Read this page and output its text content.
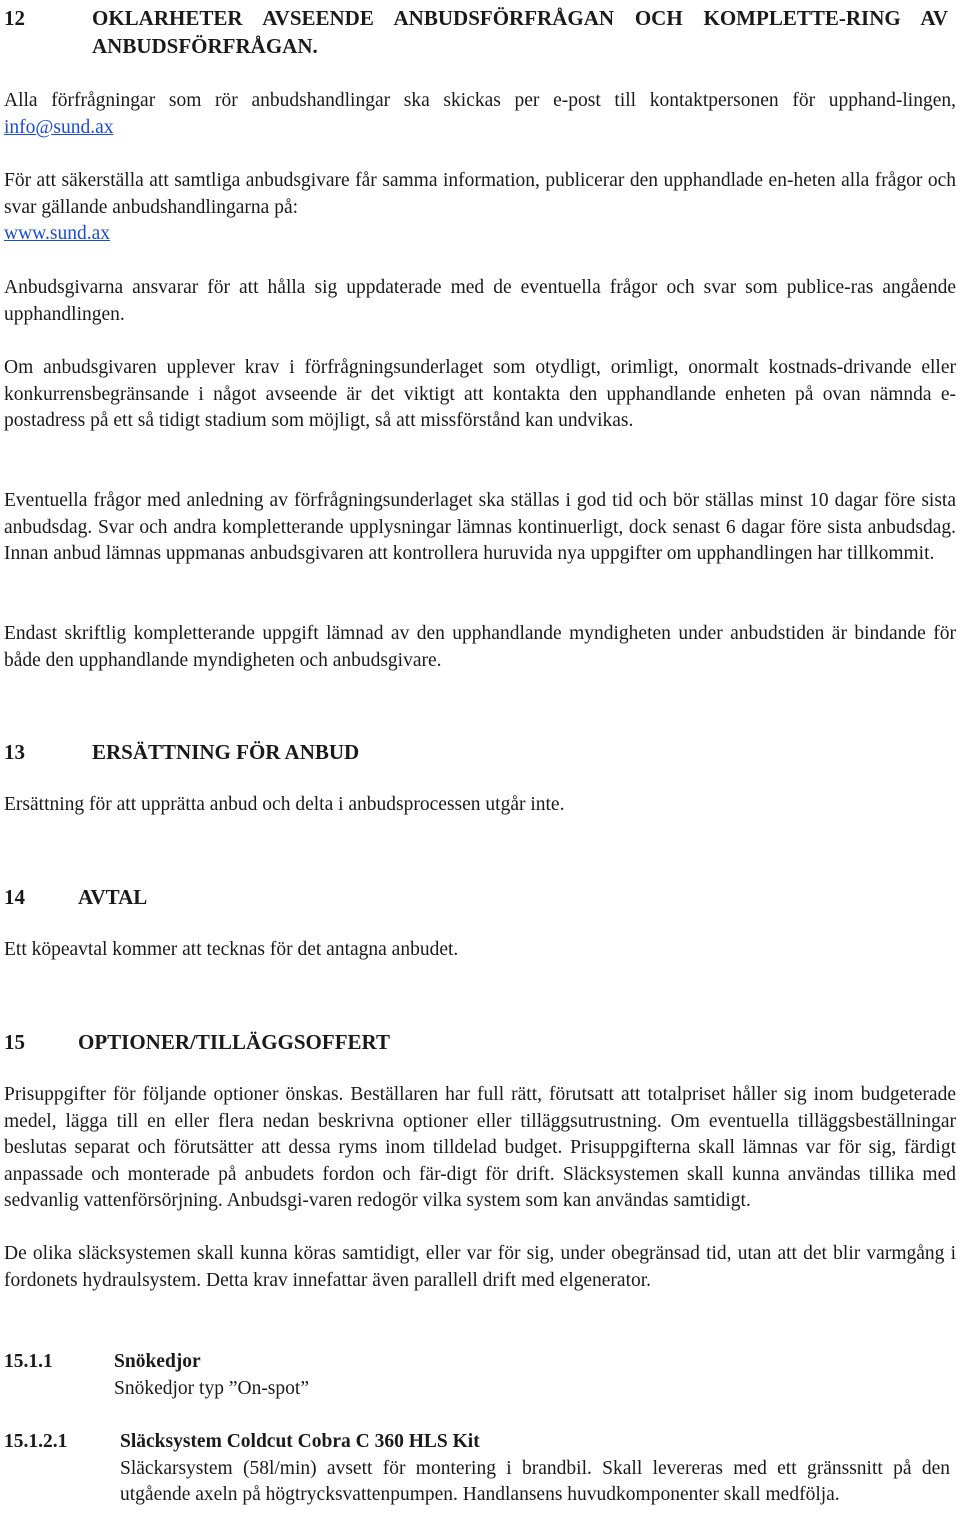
12	OKLARHETER AVSEENDE ANBUDSFÖRFRÅGAN OCH KOMPLETTE-RING AV ANBUDSFÖRFRÅGAN.

Alla förfrågningar som rör anbudshandlingar ska skickas per e-post till kontaktpersonen för upphand-lingen, info@sund.ax

För att säkerställa att samtliga anbudsgivare får samma information, publicerar den upphandlade en-heten alla frågor och svar gällande anbudshandlingarna på:
www.sund.ax

Anbudsgivarna ansvarar för att hålla sig uppdaterade med de eventuella frågor och svar som publice-ras angående upphandlingen.

Om anbudsgivaren upplever krav i förfrågningsunderlaget som otydligt, orimligt, onormalt kostnads-drivande eller konkurrensbegränsande i något avseende är det viktigt att kontakta den upphandlande enheten på ovan nämnda e-postadress på ett så tidigt stadium som möjligt, så att missförstånd kan undvikas.

Eventuella frågor med anledning av förfrågningsunderlaget ska ställas i god tid och bör ställas minst 10 dagar före sista anbudsdag. Svar och andra kompletterande upplysningar lämnas kontinuerligt, dock senast 6 dagar före sista anbudsdag. Innan anbud lämnas uppmanas anbudsgivaren att kontrollera huruvida nya uppgifter om upphandlingen har tillkommit.

Endast skriftlig kompletterande uppgift lämnad av den upphandlande myndigheten under anbudstiden är bindande för både den upphandlande myndigheten och anbudsgivare.

13	ERSÄTTNING FÖR ANBUD

Ersättning för att upprätta anbud och delta i anbudsprocessen utgår inte.

14	AVTAL

Ett köpeavtal kommer att tecknas för det antagna anbudet.

15	OPTIONER/TILLÄGGSOFFERT

Prisuppgifter för följande optioner önskas. Beställaren har full rätt, förutsatt att totalpriset håller sig inom budgeterade medel, lägga till en eller flera nedan beskrivna optioner eller tilläggsutrustning. Om eventuella tilläggsbeställningar beslutas separat och förutsätter att dessa ryms inom tilldelad budget. Prisuppgifterna skall lämnas var för sig, färdigt anpassade och monterade på anbudets fordon och fär-digt för drift. Släcksystemen skall kunna användas tillika med sedvanlig vattenförsörjning. Anbudsgi-varen redogör vilka system som kan användas samtidigt.

De olika släcksystemen skall kunna köras samtidigt, eller var för sig, under obegränsad tid, utan att det blir varmgång i fordonets hydraulsystem. Detta krav innefattar även parallell drift med elgenerator.

15.1.1	Snökedjor
Snökedjor typ ”On-spot”
15.1.2.1	Släcksystem Coldcut Cobra C 360 HLS Kit
Släckarsystem (58l/min) avsett för montering i brandbil. Skall levereras med ett gränssnitt på den utgående axeln på högtrycksvattenpumpen. Handlansens huvudkomponenter skall medfölja.
